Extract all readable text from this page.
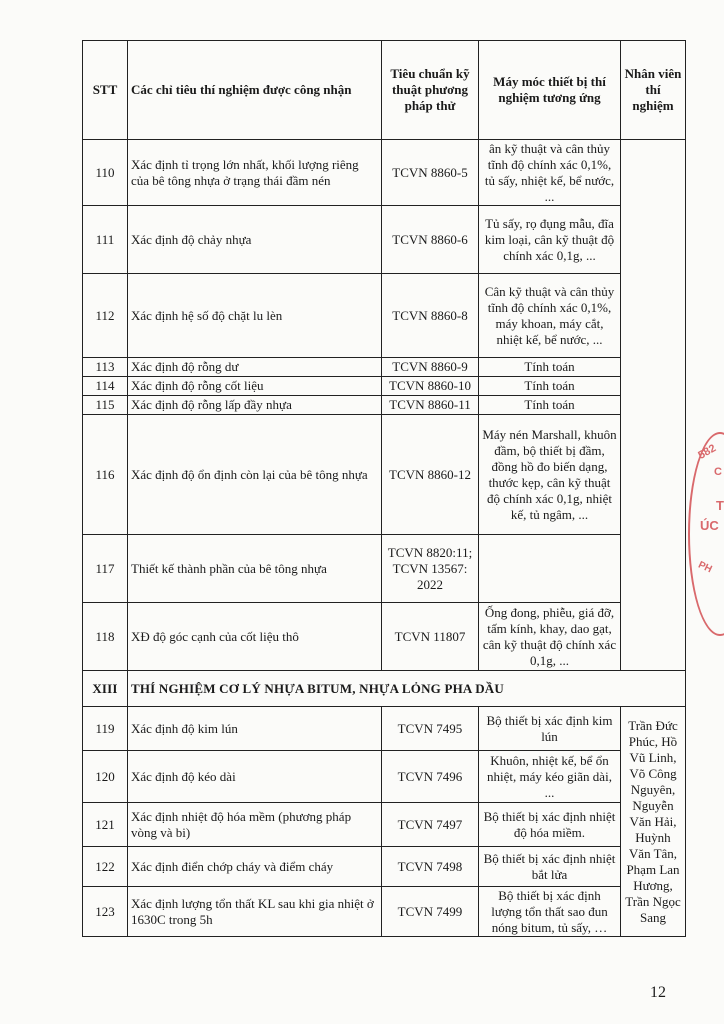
STT	Các chỉ tiêu thí nghiệm được công nhận	Tiêu chuẩn kỹ thuật phương pháp thử	Máy móc thiết bị thí nghiệm tương ứng	Nhân viên thí nghiệm
110	Xác định tỉ trọng lớn nhất, khối lượng riêng của bê tông nhựa ở trạng thái đầm nén	TCVN 8860-5	ân kỹ thuật và cân thủy tĩnh độ chính xác 0,1%, tủ sấy, nhiệt kế, bể nước, ...	
111	Xác định độ chảy nhựa	TCVN 8860-6	Tủ sấy, rọ đụng mẫu, đĩa kim loại, cân kỹ thuật độ chính xác 0,1g, ...	
112	Xác định hệ số độ chặt lu lèn	TCVN 8860-8	Cân kỹ thuật và cân thủy tĩnh độ chính xác 0,1%, máy khoan, máy cắt, nhiệt kế, bể nước, ...	
113	Xác định độ rỗng dư	TCVN 8860-9	Tính toán	
114	Xác định độ rỗng cốt liệu	TCVN 8860-10	Tính toán	
115	Xác định độ rỗng lấp đầy nhựa	TCVN 8860-11	Tính toán	
116	Xác định độ ổn định còn lại của bê tông nhựa	TCVN 8860-12	Máy nén Marshall, khuôn đầm, bộ thiết bị đầm, đồng hồ đo biến dạng, thước kẹp, cân kỹ thuật độ chính xác 0,1g, nhiệt kế, tủ ngâm, ...	
117	Thiết kế thành phần của bê tông nhựa	TCVN 8820:11; TCVN 13567: 2022		
118	XĐ độ góc cạnh của cốt liệu thô	TCVN 11807	Ống đong, phiễu, giá đỡ, tấm kính, khay, dao gạt, cân kỹ thuật độ chính xác 0,1g, ...	
XIII	THÍ NGHIỆM CƠ LÝ NHỰA BITUM, NHỰA LỎNG PHA DẦU			
119	Xác định độ kim lún	TCVN 7495	Bộ thiết bị xác định kim lún	Trần Đức Phúc, Hồ Vũ Linh, Võ Công Nguyên, Nguyễn Văn Hải, Huỳnh Văn Tân, Phạm Lan Hương, Trần Ngọc Sang
120	Xác định độ kéo dài	TCVN 7496	Khuôn, nhiệt kế, bể ổn nhiệt, máy kéo giãn dài, ...	
121	Xác định nhiệt độ hóa mềm (phương pháp vòng và bi)	TCVN 7497	Bộ thiết bị xác định nhiệt độ hóa miềm.	
122	Xác định điển chớp cháy và điểm cháy	TCVN 7498	Bộ thiết bị xác định nhiệt bắt lửa	
123	Xác định lượng tổn thất KL sau khi gia nhiệt ở 1630C trong 5h	TCVN 7499	Bộ thiết bị xác định lượng tổn thất sao đun nóng bitum, tủ sấy, …	
582
C
T
ÚC
PH
12
